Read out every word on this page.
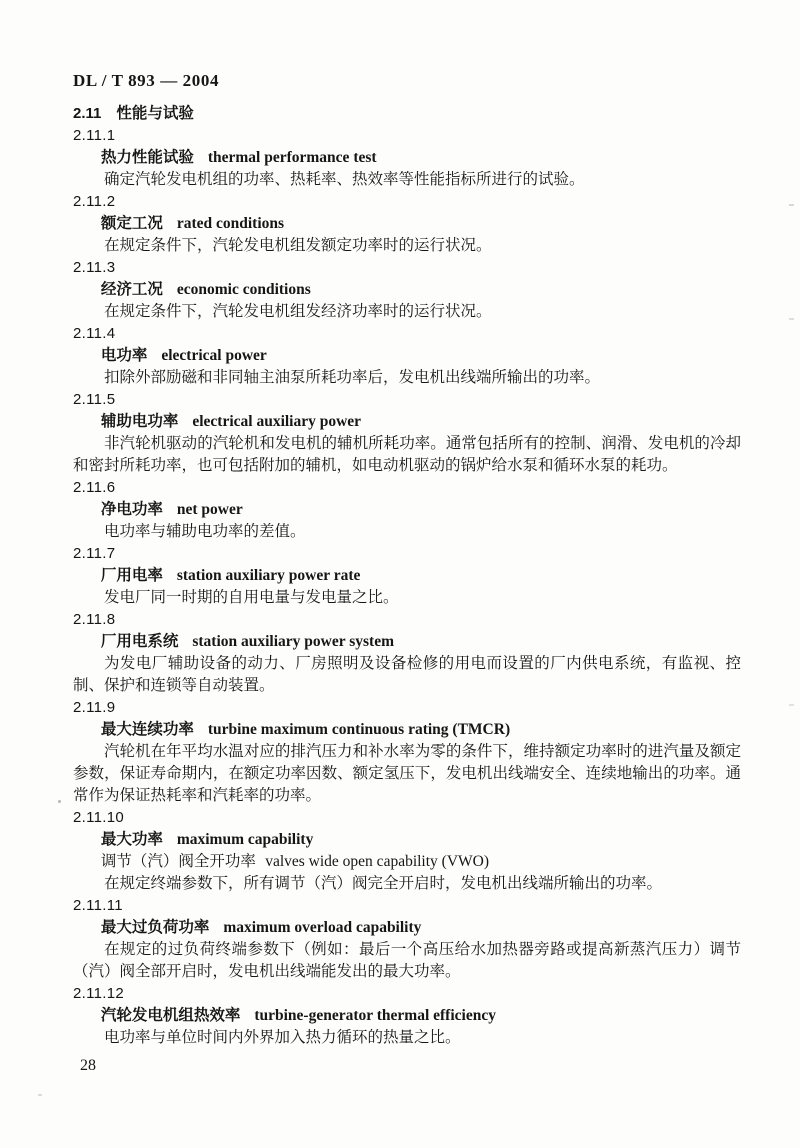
DL / T 893 — 2004
2.11 性能与试验
2.11.1
热力性能试验 thermal performance test

确定汽轮发电机组的功率、热耗率、热效率等性能指标所进行的试验。

2.11.2
额定工况 rated conditions

在规定条件下，汽轮发电机组发额定功率时的运行状况。

2.11.3
经济工况 economic conditions

在规定条件下，汽轮发电机组发经济功率时的运行状况。

2.11.4
电功率 electrical power

扣除外部励磁和非同轴主油泵所耗功率后，发电机出线端所输出的功率。

2.11.5
辅助电功率 electrical auxiliary power

非汽轮机驱动的汽轮机和发电机的辅机所耗功率。通常包括所有的控制、润滑、发电机的冷却和密封所耗功率，也可包括附加的辅机，如电动机驱动的锅炉给水泵和循环水泵的耗功。

2.11.6
净电功率 net power

电功率与辅助电功率的差值。

2.11.7
厂用电率 station auxiliary power rate

发电厂同一时期的自用电量与发电量之比。

2.11.8
厂用电系统 station auxiliary power system

为发电厂辅助设备的动力、厂房照明及设备检修的用电而设置的厂内供电系统，有监视、控制、保护和连锁等自动装置。

2.11.9
最大连续功率 turbine maximum continuous rating (TMCR)

汽轮机在年平均水温对应的排汽压力和补水率为零的条件下，维持额定功率时的进汽量及额定参数，保证寿命期内，在额定功率因数、额定氢压下，发电机出线端安全、连续地输出的功率。通常作为保证热耗率和汽耗率的功率。

2.11.10
最大功率 maximum capability
调节（汽）阀全开功率 valves wide open capability (VWO)

在规定终端参数下，所有调节（汽）阀完全开启时，发电机出线端所输出的功率。

2.11.11
最大过负荷功率 maximum overload capability

在规定的过负荷终端参数下（例如：最后一个高压给水加热器旁路或提高新蒸汽压力）调节（汽）阀全部开启时，发电机出线端能发出的最大功率。

2.11.12
汽轮发电机组热效率 turbine-generator thermal efficiency

电功率与单位时间内外界加入热力循环的热量之比。

28
